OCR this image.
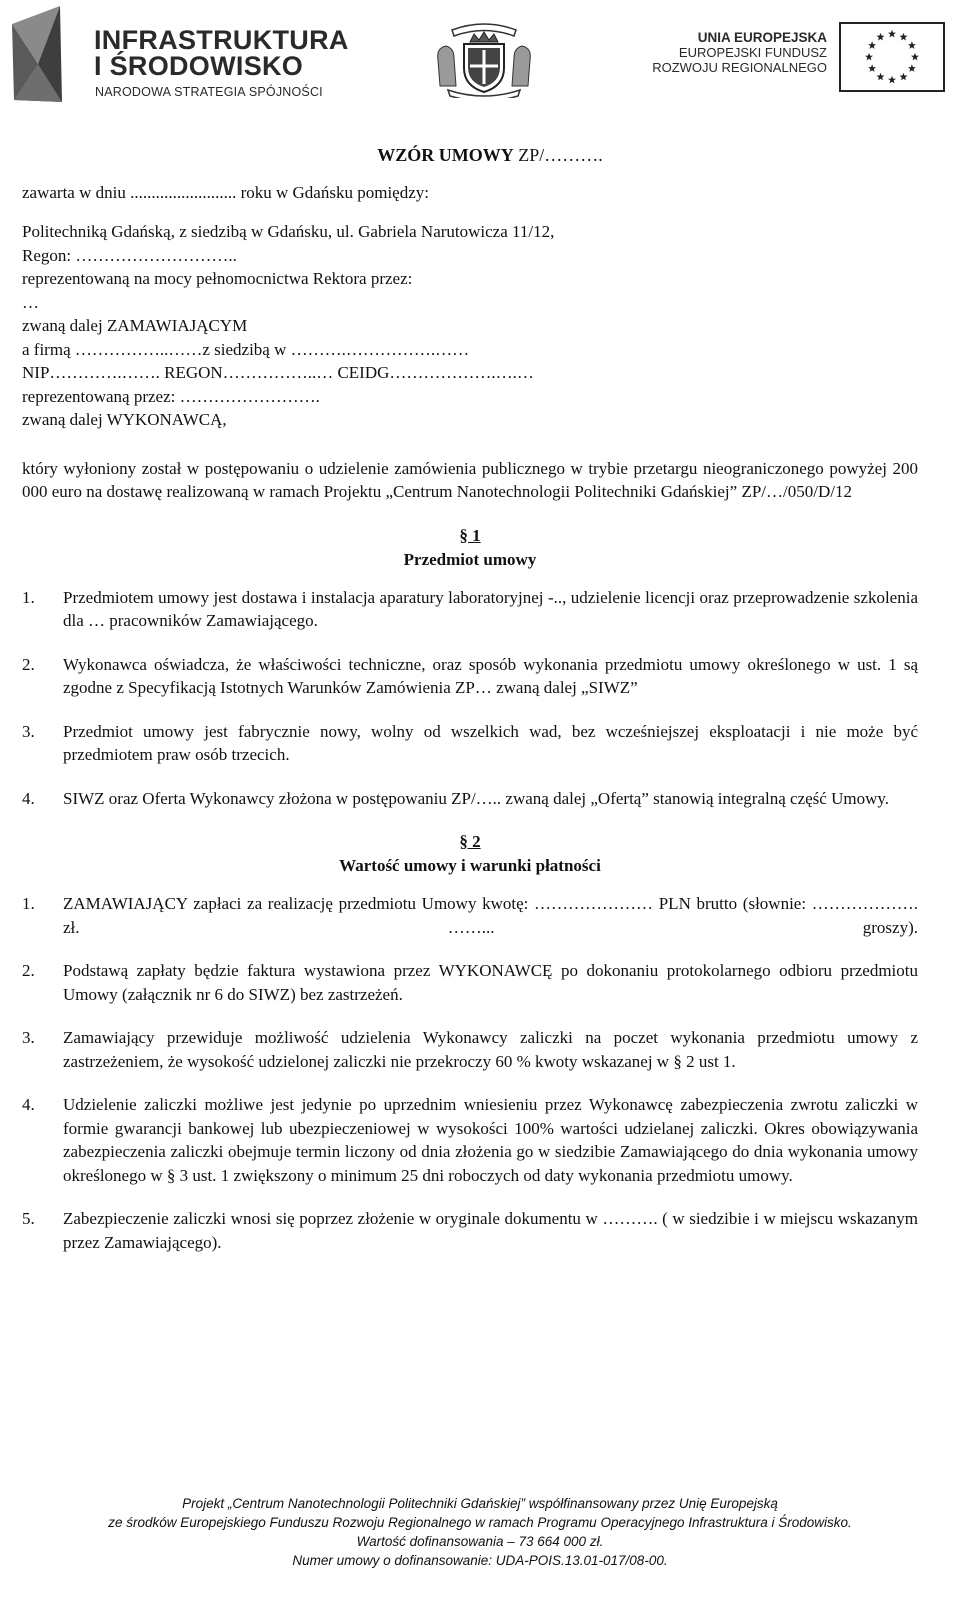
INFRASTRUKTURA
I ŚRODOWISKO
NARODOWA STRATEGIA SPÓJNOŚCI
UNIA EUROPEJSKA
EUROPEJSKI FUNDUSZ
ROZWOJU REGIONALNEGO
WZÓR UMOWY ZP/……….
zawarta w dniu ......................... roku w Gdańsku pomiędzy:
Politechniką Gdańską, z siedzibą w Gdańsku, ul. Gabriela Narutowicza 11/12,
Regon: ………………………..
reprezentowaną na mocy pełnomocnictwa Rektora przez:
…
zwaną dalej ZAMAWIAJĄCYM
a firmą ……………..……z siedzibą w ……….…………….……
NIP………….……. REGON……………..… CEIDG……………….….…
reprezentowaną przez: …………………….
zwaną dalej WYKONAWCĄ,
który wyłoniony został w postępowaniu o udzielenie zamówienia publicznego w trybie przetargu nieograniczonego powyżej 200 000 euro na dostawę realizowaną w ramach Projektu „Centrum Nanotechnologii Politechniki Gdańskiej” ZP/…/050/D/12
§ 1
Przedmiot umowy
1. Przedmiotem umowy jest dostawa i instalacja aparatury laboratoryjnej -.., udzielenie licencji oraz przeprowadzenie szkolenia dla … pracowników Zamawiającego.
2. Wykonawca oświadcza, że właściwości techniczne, oraz sposób wykonania przedmiotu umowy określonego w ust. 1 są zgodne z Specyfikacją Istotnych Warunków Zamówienia ZP… zwaną dalej „SIWZ”
3. Przedmiot umowy jest fabrycznie nowy, wolny od wszelkich wad, bez wcześniejszej eksploatacji i nie może być przedmiotem praw osób trzecich.
4. SIWZ oraz Oferta Wykonawcy złożona w postępowaniu ZP/….. zwaną dalej „Ofertą” stanowią integralną część Umowy.
§ 2
Wartość umowy i warunki płatności
1. ZAMAWIAJĄCY zapłaci za realizację przedmiotu Umowy kwotę: ………………… PLN brutto (słownie: ………………. zł. ……... groszy).
2. Podstawą zapłaty będzie faktura wystawiona przez WYKONAWCĘ po dokonaniu protokolarnego odbioru przedmiotu Umowy (załącznik nr 6 do SIWZ) bez zastrzeżeń.
3. Zamawiający przewiduje możliwość udzielenia Wykonawcy zaliczki na poczet wykonania przedmiotu umowy z zastrzeżeniem, że wysokość udzielonej zaliczki nie przekroczy 60 % kwoty wskazanej w § 2 ust 1.
4. Udzielenie zaliczki możliwe jest jedynie po uprzednim wniesieniu przez Wykonawcę zabezpieczenia zwrotu zaliczki w formie gwarancji bankowej lub ubezpieczeniowej w wysokości 100% wartości udzielanej zaliczki. Okres obowiązywania zabezpieczenia zaliczki obejmuje termin liczony od dnia złożenia go w siedzibie Zamawiającego do dnia wykonania umowy określonego w § 3 ust. 1 zwiększony o minimum 25 dni roboczych od daty wykonania przedmiotu umowy.
5. Zabezpieczenie zaliczki wnosi się poprzez złożenie w oryginale dokumentu w ………. ( w siedzibie i w miejscu wskazanym przez Zamawiającego).
Projekt „Centrum Nanotechnologii Politechniki Gdańskiej” współfinansowany przez Unię Europejską
ze środków Europejskiego Funduszu Rozwoju Regionalnego w ramach Programu Operacyjnego Infrastruktura i Środowisko.
Wartość dofinansowania – 73 664 000 zł.
Numer umowy o dofinansowanie: UDA-POIS.13.01-017/08-00.
